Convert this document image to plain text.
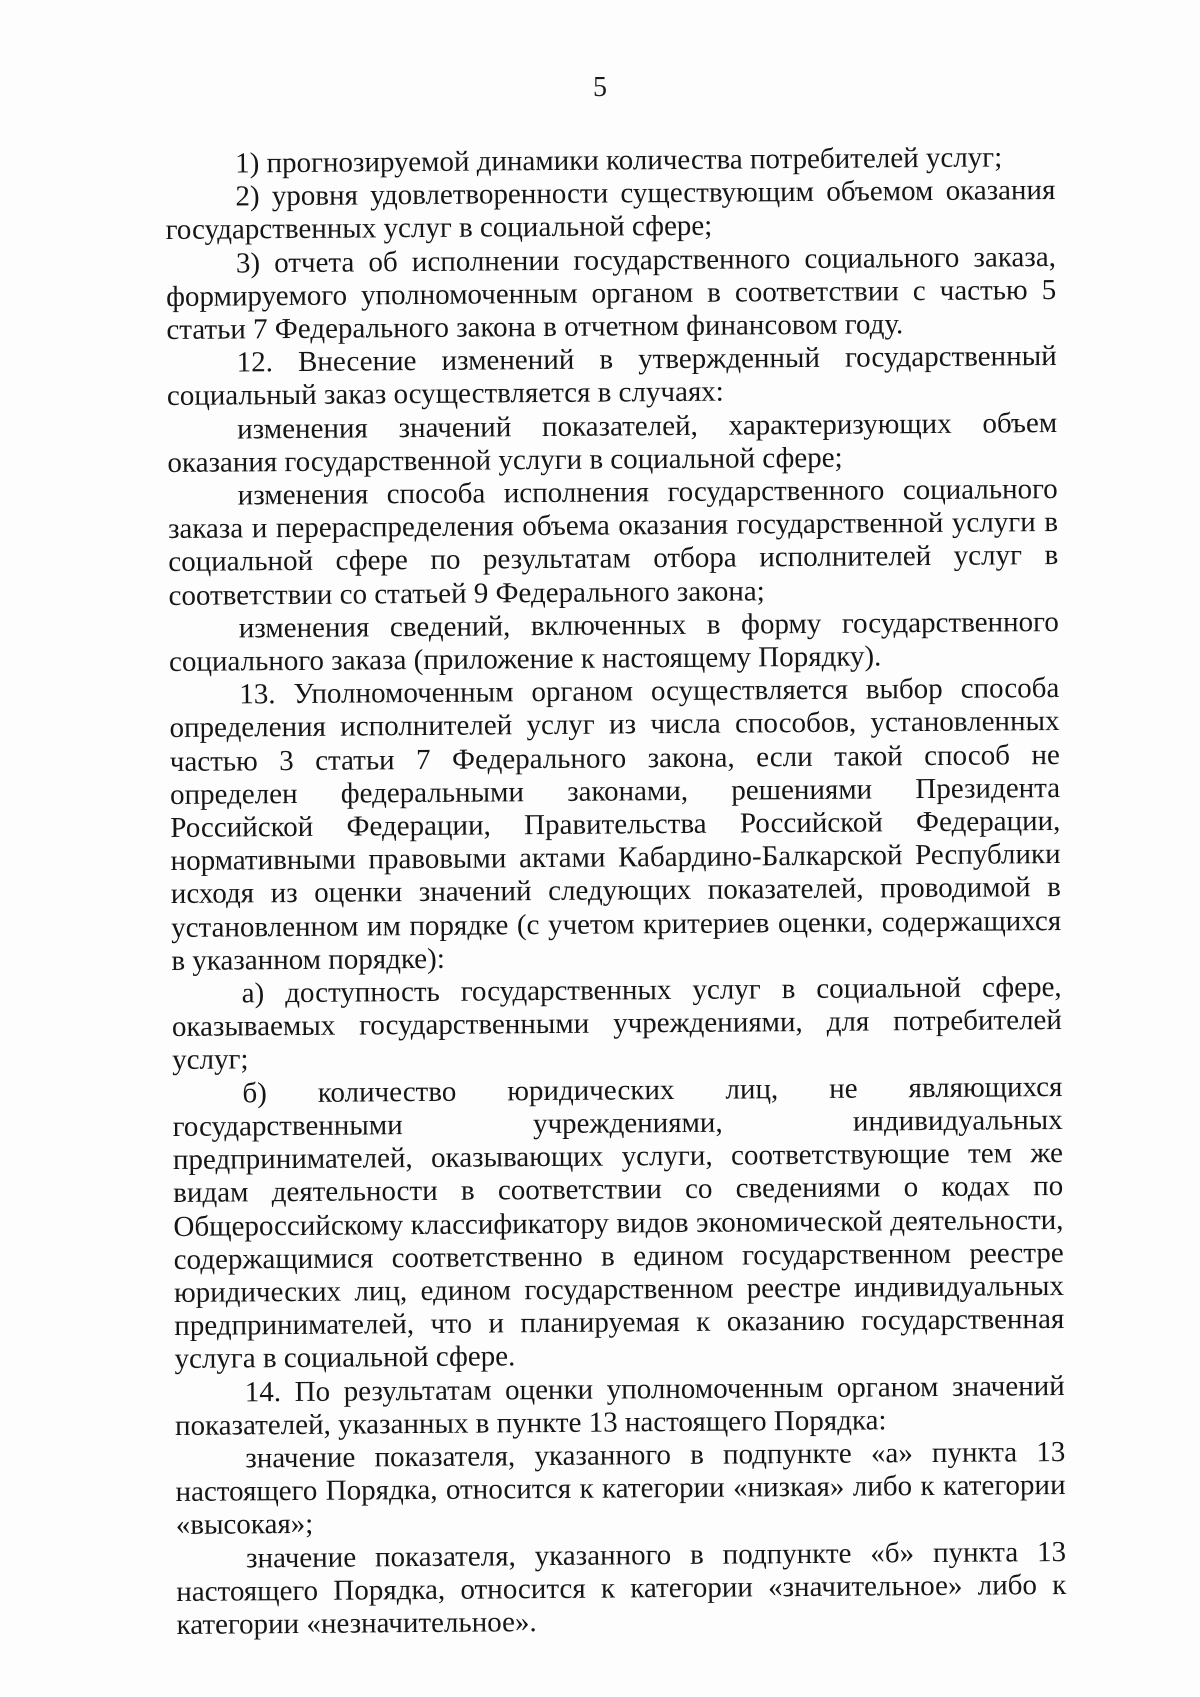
5

1) прогнозируемой динамики количества потребителей услуг;

2) уровня удовлетворенности существующим объемом оказания государственных услуг в социальной сфере;

3) отчета об исполнении государственного социального заказа, формируемого уполномоченным органом в соответствии с частью 5 статьи 7 Федерального закона в отчетном финансовом году.

12. Внесение изменений в утвержденный государственный социальный заказ осуществляется в случаях:

изменения значений показателей, характеризующих объем оказания государственной услуги в социальной сфере;

изменения способа исполнения государственного социального заказа и перераспределения объема оказания государственной услуги в социальной сфере по результатам отбора исполнителей услуг в соответствии со статьей 9 Федерального закона;

изменения сведений, включенных в форму государственного социального заказа (приложение к настоящему Порядку).

13. Уполномоченным органом осуществляется выбор способа определения исполнителей услуг из числа способов, установленных частью 3 статьи 7 Федерального закона, если такой способ не определен федеральными законами, решениями Президента Российской Федерации, Правительства Российской Федерации, нормативными правовыми актами Кабардино-Балкарской Республики исходя из оценки значений следующих показателей, проводимой в установленном им порядке (с учетом критериев оценки, содержащихся в указанном порядке):

а) доступность государственных услуг в социальной сфере, оказываемых государственными учреждениями, для потребителей услуг;

б) количество юридических лиц, не являющихся государственными учреждениями, индивидуальных предпринимателей, оказывающих услуги, соответствующие тем же видам деятельности в соответствии со сведениями о кодах по Общероссийскому классификатору видов экономической деятельности, содержащимися соответственно в едином государственном реестре юридических лиц, едином государственном реестре индивидуальных предпринимателей, что и планируемая к оказанию государственная услуга в социальной сфере.

14. По результатам оценки уполномоченным органом значений показателей, указанных в пункте 13 настоящего Порядка:

значение показателя, указанного в подпункте «а» пункта 13 настоящего Порядка, относится к категории «низкая» либо к категории «высокая»;

значение показателя, указанного в подпункте «б» пункта 13 настоящего Порядка, относится к категории «значительное» либо к категории «незначительное».
